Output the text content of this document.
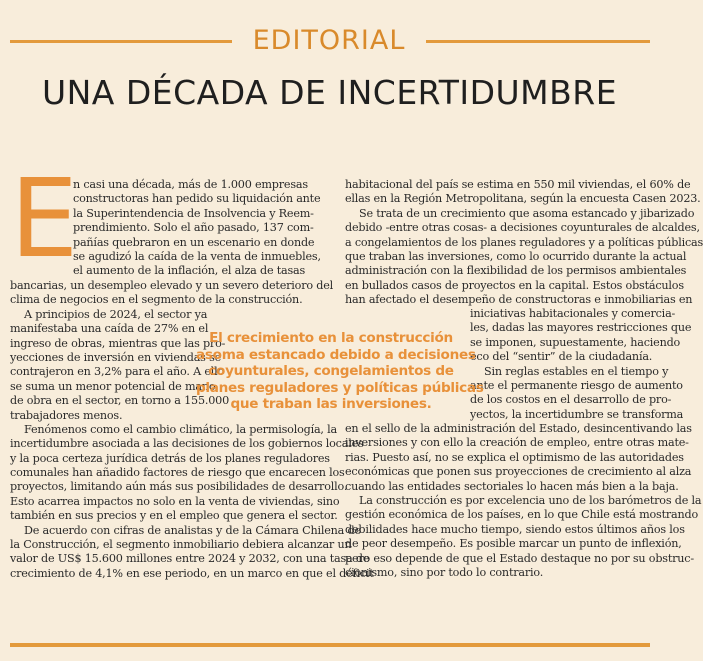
EDITORIAL
UNA DÉCADA DE INCERTIDUMBRE
E
n casi una década, más de 1.000 empresas
constructoras han pedido su liquidación ante
la Superintendencia de Insolvencia y Reem-
prendimiento. Solo el año pasado, 137 com-
pañías quebraron en un escenario en donde
se agudizó la caída de la venta de inmuebles,
el aumento de la inflación, el alza de tasas
bancarias, un desempleo elevado y un severo deterioro del
clima de negocios en el segmento de la construcción.
A principios de 2024, el sector ya
manifestaba una caída de 27% en el
ingreso de obras, mientras que las pro-
yecciones de inversión en viviendas se
contrajeron en 3,2% para el año. A ello
se suma un menor potencial de mano
de obra en el sector, en torno a 155.000
trabajadores menos.
Fenómenos como el cambio climático, la permisología, la
incertidumbre asociada a las decisiones de los gobiernos locales
y la poca certeza jurídica detrás de los planes reguladores
comunales han añadido factores de riesgo que encarecen los
proyectos, limitando aún más sus posibilidades de desarrollo.
Esto acarrea impactos no solo en la venta de viviendas, sino
también en sus precios y en el empleo que genera el sector.
De acuerdo con cifras de analistas y de la Cámara Chilena de
la Construcción, el segmento inmobiliario debiera alcanzar un
valor de US$ 15.600 millones entre 2024 y 2032, con una tasa de
crecimiento de 4,1% en ese periodo, en un marco en que el déficit
habitacional del país se estima en 550 mil viviendas, el 60% de
ellas en la Región Metropolitana, según la encuesta Casen 2023.
Se trata de un crecimiento que asoma estancado y jibarizado
debido -entre otras cosas- a decisiones coyunturales de alcaldes,
a congelamientos de los planes reguladores y a políticas públicas
que traban las inversiones, como lo ocurrido durante la actual
administración con la flexibilidad de los permisos ambientales
en bullados casos de proyectos en la capital. Estos obstáculos
han afectado el desempeño de constructoras e inmobiliarias en
iniciativas habitacionales y comercia-
les, dadas las mayores restricciones que
se imponen, supuestamente, haciendo
eco del “sentir” de la ciudadanía.
Sin reglas estables en el tiempo y
ante el permanente riesgo de aumento
de los costos en el desarrollo de pro-
yectos, la incertidumbre se transforma
en el sello de la administración del Estado, desincentivando las
inversiones y con ello la creación de empleo, entre otras mate-
rias. Puesto así, no se explica el optimismo de las autoridades
económicas que ponen sus proyecciones de crecimiento al alza
cuando las entidades sectoriales lo hacen más bien a la baja.
La construcción es por excelencia uno de los barómetros de la
gestión económica de los países, en lo que Chile está mostrando
debilidades hace mucho tiempo, siendo estos últimos años los
de peor desempeño. Es posible marcar un punto de inflexión,
pero eso depende de que el Estado destaque no por su obstruc-
cionismo, sino por todo lo contrario.
El crecimiento en la construcción
asoma estancado debido a decisiones
coyunturales, congelamientos de
planes reguladores y políticas públicas
que traban las inversiones.
